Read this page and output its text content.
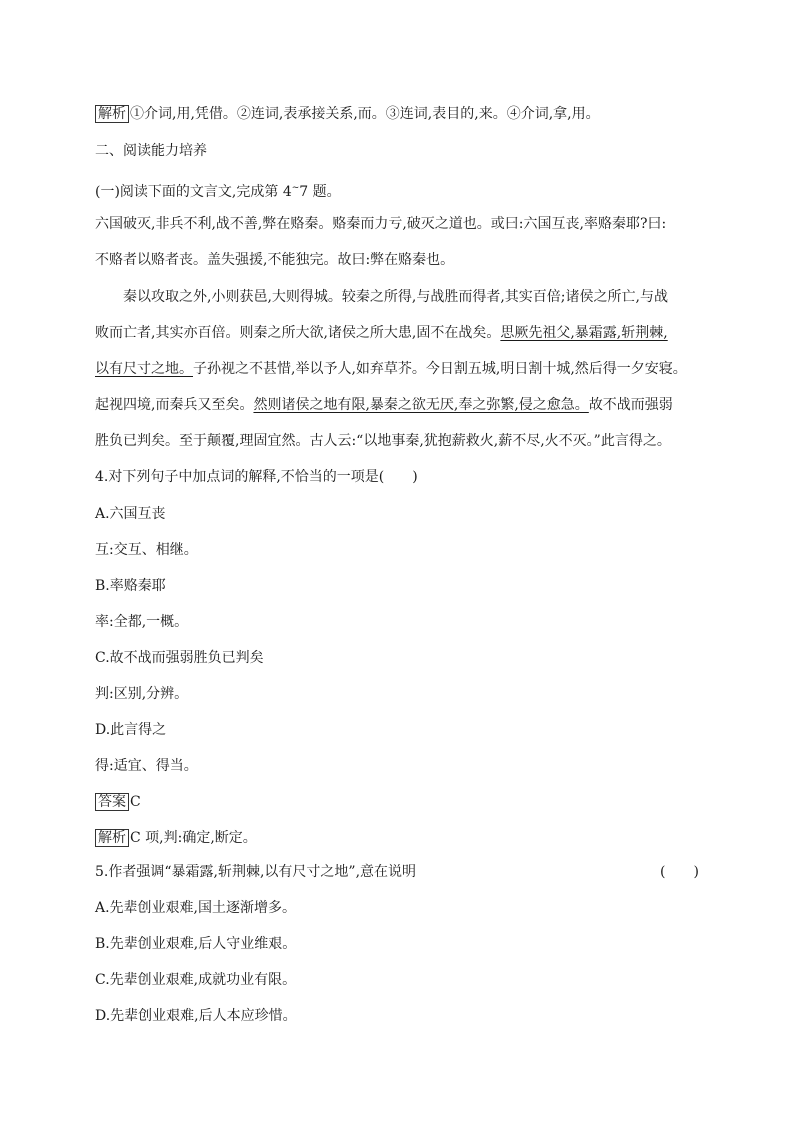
解析 ①介词,用,凭借。②连词,表承接关系,而。③连词,表目的,来。④介词,拿,用。
二、阅读能力培养
(一)阅读下面的文言文,完成第 4~7 题。
六国破灭,非兵不利,战不善,弊在赂秦。赂秦而力亏,破灭之道也。或曰:六国互丧,率赂秦耶?曰:
不赂者以赂者丧。盖失强援,不能独完。故曰:弊在赂秦也。
秦以攻取之外,小则获邑,大则得城。较秦之所得,与战胜而得者,其实百倍;诸侯之所亡,与战
败而亡者,其实亦百倍。则秦之所大欲,诸侯之所大患,固不在战矣。思厥先祖父,暴霜露,斩荆棘,
以有尺寸之地。子孙视之不甚惜,举以予人,如弃草芥。今日割五城,明日割十城,然后得一夕安寝。
起视四境,而秦兵又至矣。然则诸侯之地有限,暴秦之欲无厌,奉之弥繁,侵之愈急。故不战而强弱
胜负已判矣。至于颠覆,理固宜然。古人云:“以地事秦,犹抱薪救火,薪不尽,火不灭。”此言得之。
4.对下列句子中加点词的解释,不恰当的一项是(　　)
A.六国互丧
互:交互、相继。
B.率赂秦耶
率:全都,一概。
C.故不战而强弱胜负已判矣
判:区别,分辨。
D.此言得之
得:适宜、得当。
答案 C
解析 C 项,判:确定,断定。
5.作者强调“暴霜露,斩荆棘,以有尺寸之地”,意在说明	(　　)
A.先辈创业艰难,国土逐渐增多。
B.先辈创业艰难,后人守业维艰。
C.先辈创业艰难,成就功业有限。
D.先辈创业艰难,后人本应珍惜。
